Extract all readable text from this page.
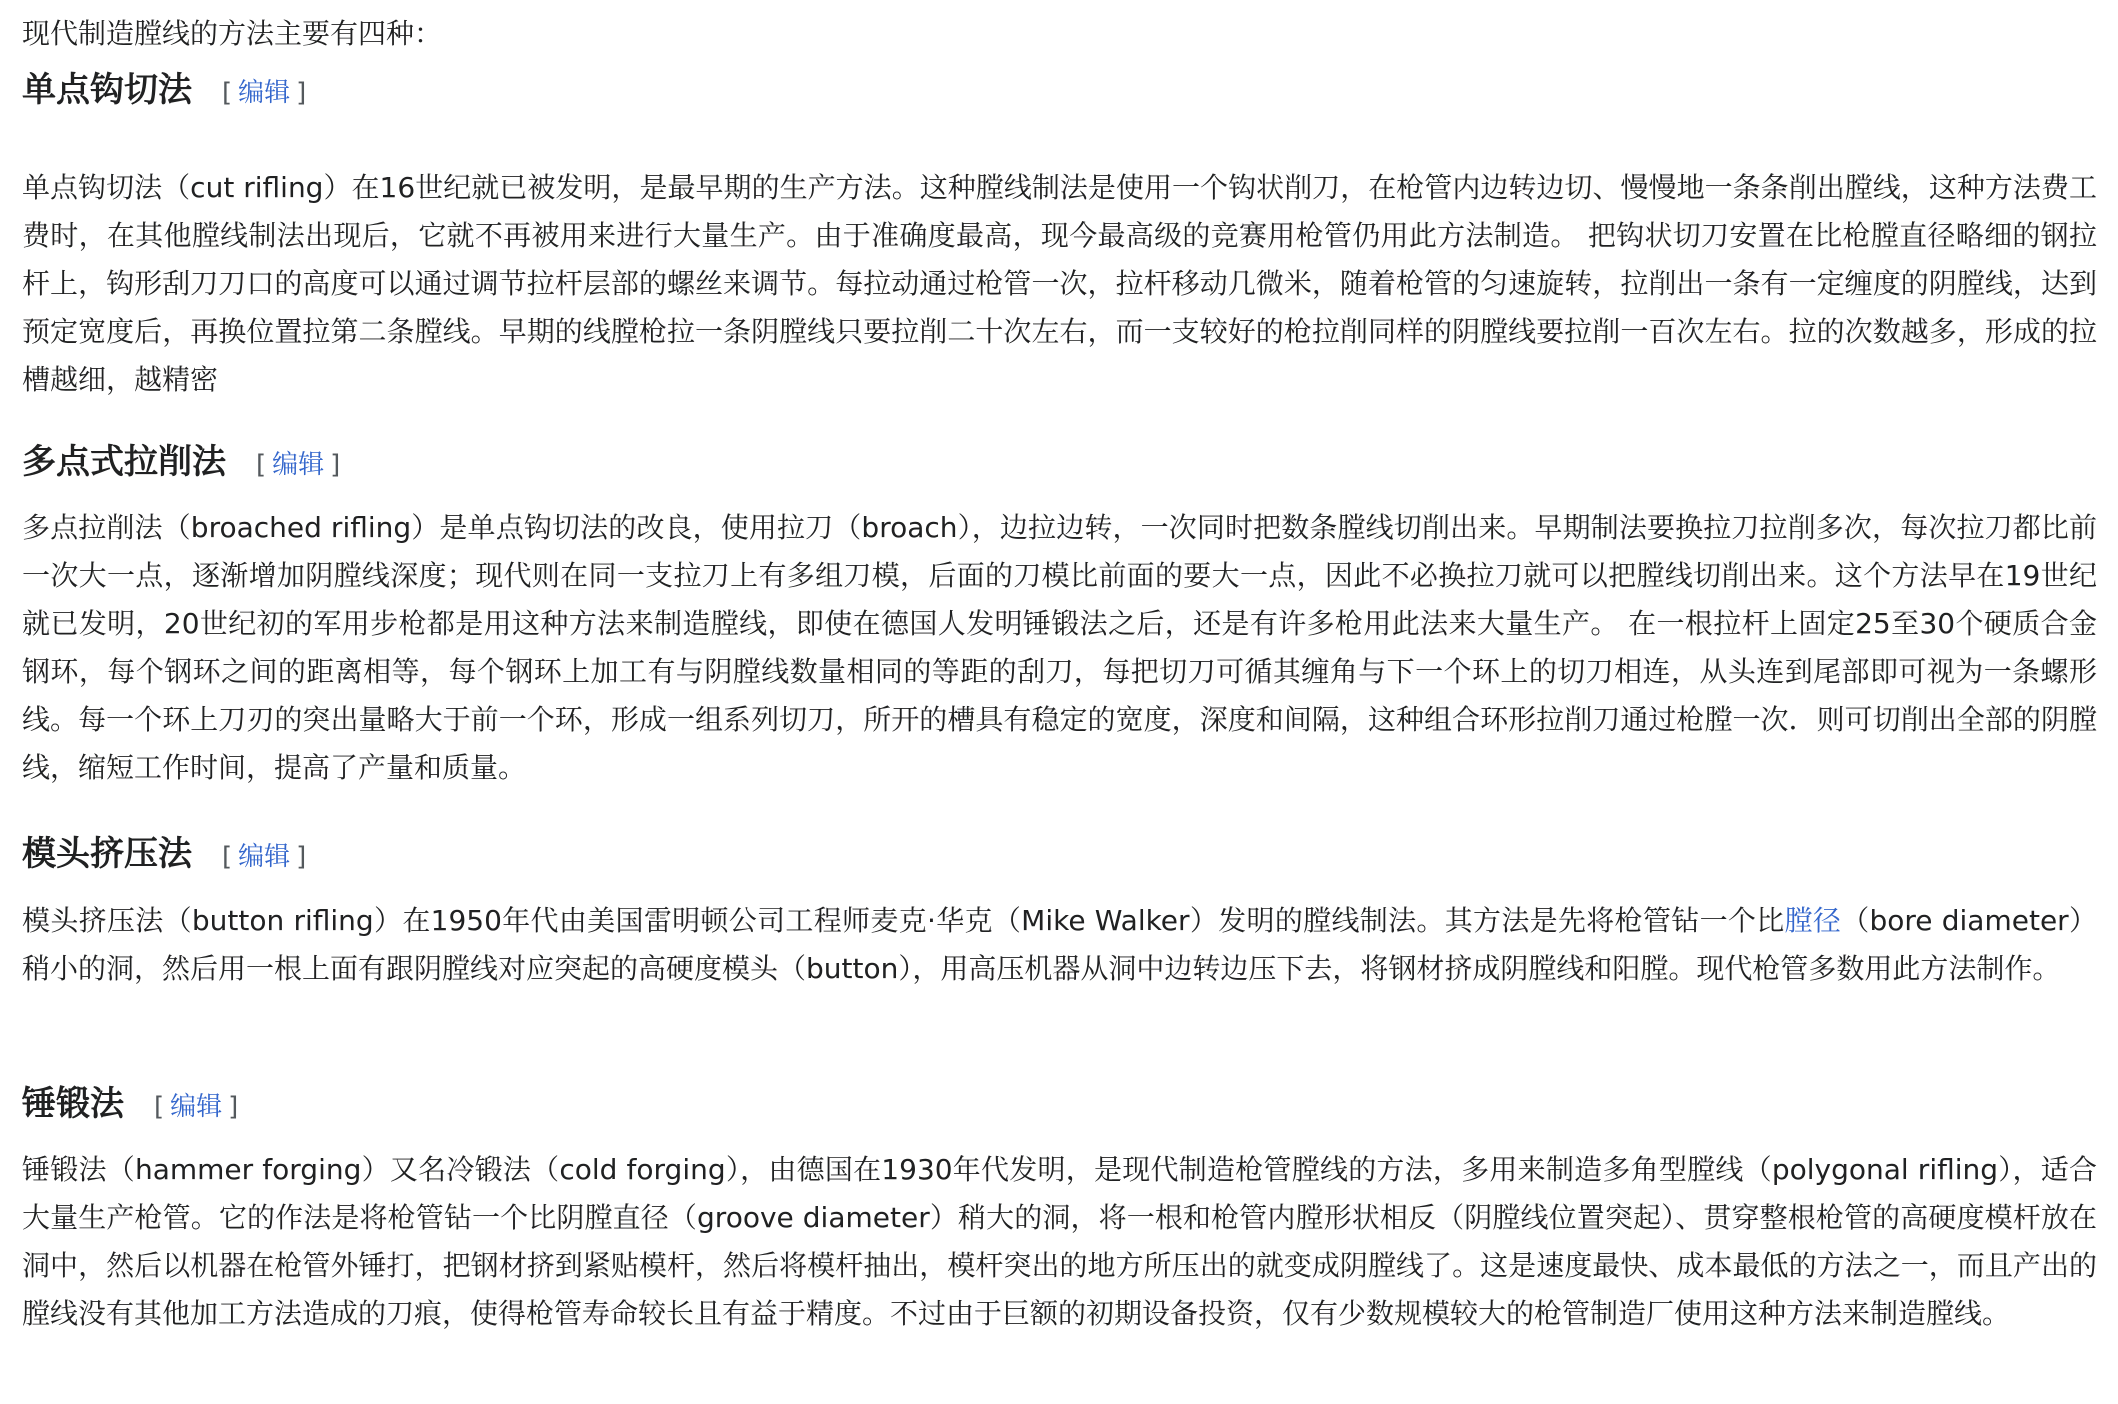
现代制造膛线的方法主要有四种：

单点钩切法 [ 编辑 ]

单点钩切法（cut rifling）在16世纪就已被发明，是最早期的生产方法。这种膛线制法是使用一个钩状削刀，在枪管内边转边切、慢慢地一条条削出膛线，这种方法费工费时，在其他膛线制法出现后，它就不再被用来进行大量生产。由于准确度最高，现今最高级的竞赛用枪管仍用此方法制造。 把钩状切刀安置在比枪膛直径略细的钢拉杆上，钩形刮刀刀口的高度可以通过调节拉杆层部的螺丝来调节。每拉动通过枪管一次，拉杆移动几微米，随着枪管的匀速旋转，拉削出一条有一定缠度的阴膛线，达到预定宽度后，再换位置拉第二条膛线。早期的线膛枪拉一条阴膛线只要拉削二十次左右，而一支较好的枪拉削同样的阴膛线要拉削一百次左右。拉的次数越多，形成的拉槽越细，越精密

多点式拉削法 [ 编辑 ]

多点拉削法（broached rifling）是单点钩切法的改良，使用拉刀（broach），边拉边转，一次同时把数条膛线切削出来。早期制法要换拉刀拉削多次，每次拉刀都比前一次大一点，逐渐增加阴膛线深度；现代则在同一支拉刀上有多组刀模，后面的刀模比前面的要大一点，因此不必换拉刀就可以把膛线切削出来。这个方法早在19世纪就已发明，20世纪初的军用步枪都是用这种方法来制造膛线，即使在德国人发明锤锻法之后，还是有许多枪用此法来大量生产。 在一根拉杆上固定25至30个硬质合金钢环，每个钢环之间的距离相等，每个钢环上加工有与阴膛线数量相同的等距的刮刀，每把切刀可循其缠角与下一个环上的切刀相连，从头连到尾部即可视为一条螺形线。每一个环上刀刃的突出量略大于前一个环，形成一组系列切刀，所开的槽具有稳定的宽度，深度和间隔，这种组合环形拉削刀通过枪膛一次．则可切削出全部的阴膛线，缩短工作时间，提高了产量和质量。

模头挤压法 [ 编辑 ]

模头挤压法（button rifling）在1950年代由美国雷明顿公司工程师麦克·华克（Mike Walker）发明的膛线制法。其方法是先将枪管钻一个比膛径（bore diameter）稍小的洞，然后用一根上面有跟阴膛线对应突起的高硬度模头（button），用高压机器从洞中边转边压下去，将钢材挤成阴膛线和阳膛。现代枪管多数用此方法制作。

锤锻法 [ 编辑 ]

锤锻法（hammer forging）又名冷锻法（cold forging），由德国在1930年代发明，是现代制造枪管膛线的方法，多用来制造多角型膛线（polygonal rifling），适合大量生产枪管。它的作法是将枪管钻一个比阴膛直径（groove diameter）稍大的洞，将一根和枪管内膛形状相反（阴膛线位置突起）、贯穿整根枪管的高硬度模杆放在洞中，然后以机器在枪管外锤打，把钢材挤到紧贴模杆，然后将模杆抽出，模杆突出的地方所压出的就变成阴膛线了。这是速度最快、成本最低的方法之一，而且产出的膛线没有其他加工方法造成的刀痕，使得枪管寿命较长且有益于精度。不过由于巨额的初期设备投资，仅有少数规模较大的枪管制造厂使用这种方法来制造膛线。
